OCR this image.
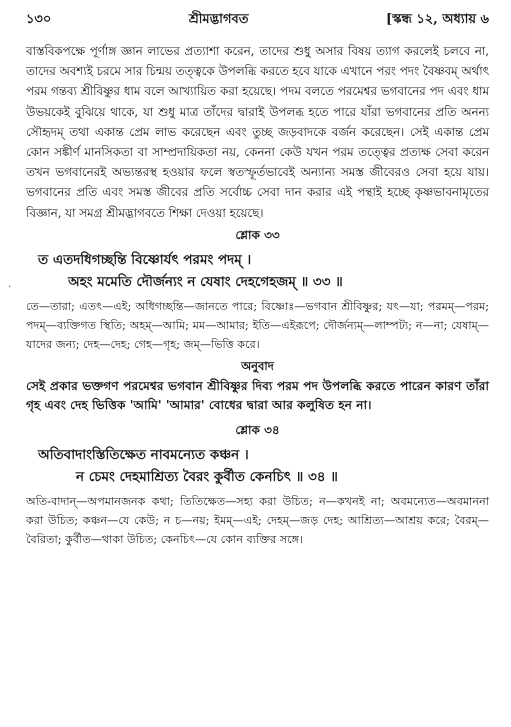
১৩০	শ্রীমদ্ভাগবত	[স্কন্ধ ১২, অধ্যায় ৬

বাস্তবিকপক্ষে পূর্ণাঙ্গ জ্ঞান লাভের প্রত্যাশা করেন, তাদের শুধু অসার বিষয় ত্যাগ করলেই চলবে না, তাদের অবশ্যই চরমে সার চিন্ময় তত্ত্বকে উপলব্ধি করতে হবে যাকে এখানে পরং পদং বৈষ্ণবম্ অর্থাৎ পরম গন্তব্য শ্রীবিষ্ণুর ধাম বলে আখ্যায়িত করা হয়েছে। পদম বলতে পরমেশ্বর ভগবানের পদ এবং ধাম উভয়কেই বুঝিয়ে থাকে, যা শুধু মাত্র তাঁদের দ্বারাই উপলব্ধ হতে পারে যাঁরা ভগবানের প্রতি অনন্য সৌহৃদম্ তথা একান্ত প্রেম লাভ করেছেন এবং তুচ্ছ জড়বাদকে বর্জন করেছেন। সেই একান্ত প্রেম কোন সঙ্কীর্ণ মানসিকতা বা সাম্প্রদায়িকতা নয়, কেননা কেউ যখন পরম তত্ত্বের প্রত্যক্ষ সেবা করেন তখন ভগবানেরই অভ্যন্তরস্থ হওয়ার ফলে স্বতস্ফূর্তভাবেই অন্যান্য সমস্ত জীবেরও সেবা হয়ে যায়। ভগবানের প্রতি এবং সমস্ত জীবের প্রতি সর্বোচ্চ সেবা দান করার এই পন্থাই হচ্ছে কৃষ্ণভাবনামৃতের বিজ্ঞান, যা সমগ্র শ্রীমদ্ভাগবতে শিক্ষা দেওয়া হয়েছে।

·
শ্লোক ৩৩
ত এতদধিগচ্ছন্তি বিষ্ণোর্যৎ পরমং পদম্ ।
অহং মমেতি দৌর্জন্যং ন যেষাং দেহগেহজম্ ॥ ৩৩ ॥

তে—তারা; এতৎ—এই; অধিগচ্ছন্তি—জানতে পারে; বিষ্ণোঃ—ভগবান শ্রীবিষ্ণুর; যৎ—যা; পরমম্—পরম; পদম্—ব্যক্তিগত স্থিতি; অহম্—আমি; মম—আমার; ইতি—এইরূপে; দৌর্জন্যম্—লাম্পট্য; ন—না; যেষাম্—যাদের জন্য; দেহ—দেহ; গেহ—গৃহ; জম্—ভিত্তি করে।

অনুবাদ

সেই প্রকার ভক্তগণ পরমেশ্বর ভগবান শ্রীবিষ্ণুর দিব্য পরম পদ উপলব্ধি করতে পারেন কারণ তাঁরা গৃহ এবং দেহ ভিত্তিক 'আমি' 'আমার' বোধের দ্বারা আর কলুষিত হন না।

শ্লোক ৩৪
অতিবাদাংস্তিতিক্ষেত নাবমন্যেত কঞ্চন ।
ন চেমং দেহমাশ্রিত্য বৈরং কুর্বীত কেনচিৎ ॥ ৩৪ ॥

অতি-বাদান্—অপমানজনক কথা; তিতিক্ষেত—সহ্য করা উচিত; ন—কখনই না; অবমন্যেত—অবমাননা করা উচিত; কঞ্চন—যে কেউ; ন চ—নয়; ইমম্—এই; দেহম্—জড় দেহ; আশ্রিত্য—আশ্রয় করে; বৈরম্—বৈরিতা; কুর্বীত—থাকা উচিত; কেনচিৎ—যে কোন ব্যক্তির সঙ্গে।
